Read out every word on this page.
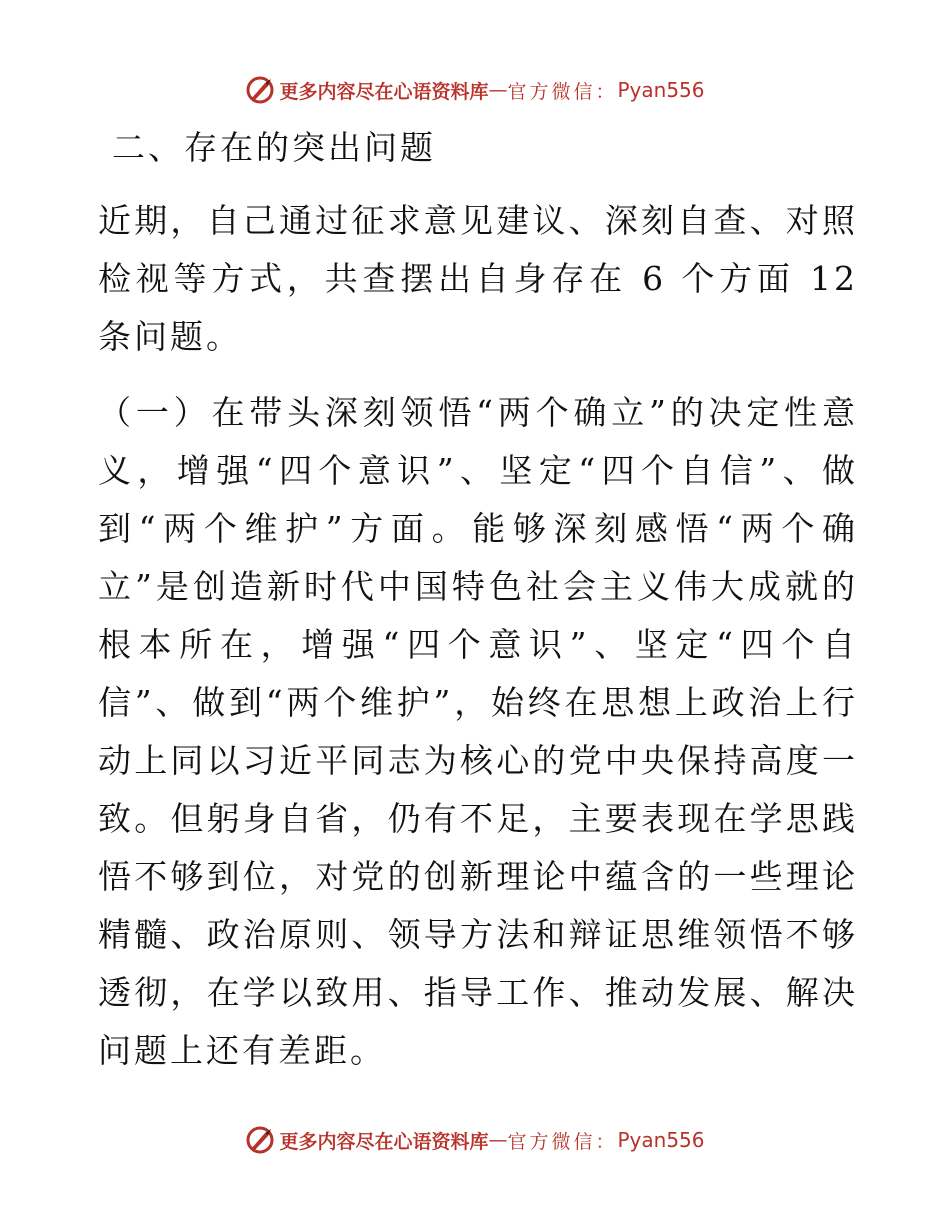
更多内容尽在心语资料库 — 官方微信： Pyan556
二、存在的突出问题

近期，自己通过征求意见建议、深刻自查、对照检视等方式，共查摆出自身存在 6 个方面 12 条问题。

（一）在带头深刻领悟“两个确立”的决定性意义，增强“四个意识”、坚定“四个自信”、做到“两个维护”方面。能够深刻感悟“两个确立”是创造新时代中国特色社会主义伟大成就的根本所在，增强“四个意识”、坚定“四个自信”、做到“两个维护”，始终在思想上政治上行动上同以习近平同志为核心的党中央保持高度一致。但躬身自省，仍有不足，主要表现在学思践悟不够到位，对党的创新理论中蕴含的一些理论精髓、政治原则、领导方法和辩证思维领悟不够透彻，在学以致用、指导工作、推动发展、解决问题上还有差距。

更多内容尽在心语资料库 — 官方微信： Pyan556
